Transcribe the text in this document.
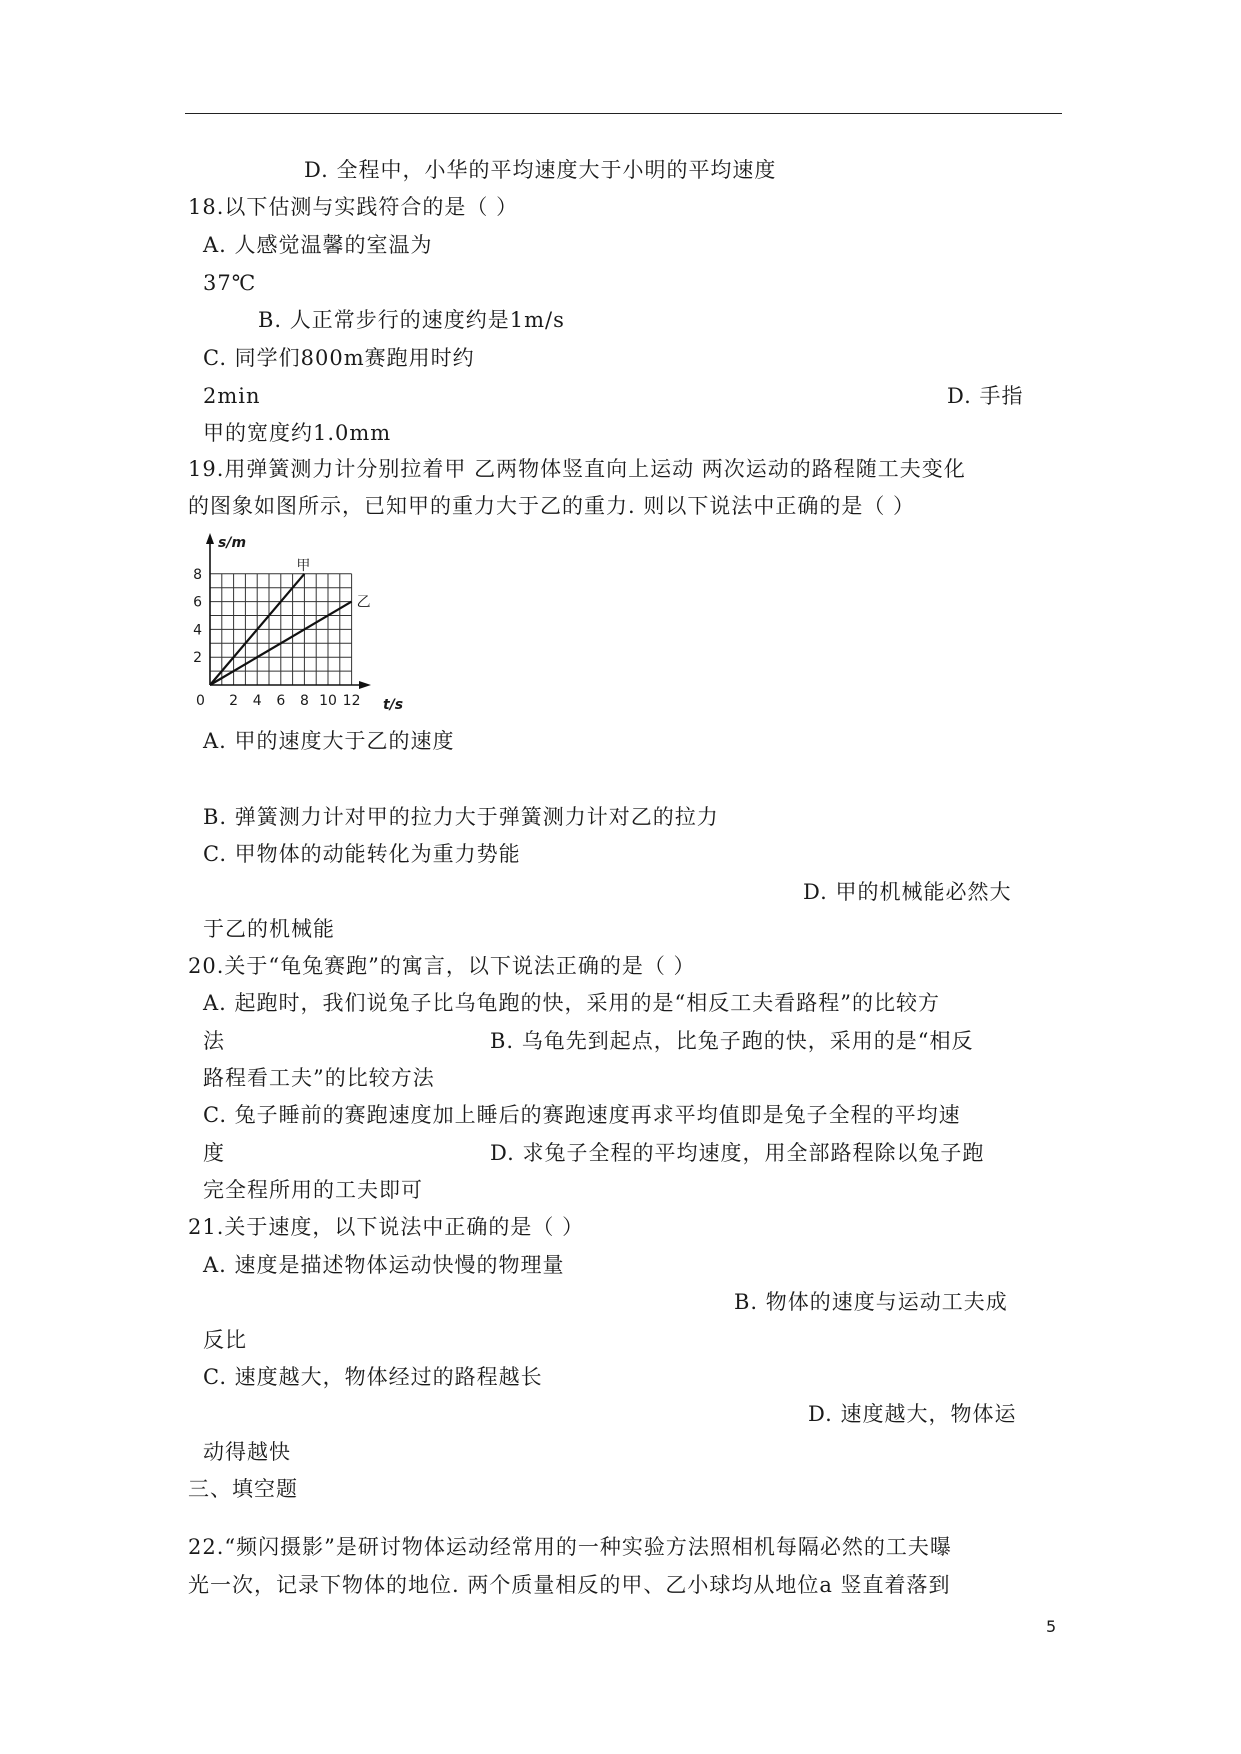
D. 全程中，小华的平均速度大于小明的平均速度
18.以下估测与实践符合的是（ ）
A. 人感觉温馨的室温为
37℃
B. 人正常步行的速度约是1m/s
C. 同学们800m赛跑用时约
2min	D. 手指
甲的宽度约1.0mm
19.用弹簧测力计分别拉着甲 乙两物体竖直向上运动 两次运动的路程随工夫变化
的图象如图所示，已知甲的重力大于乙的重力. 则以下说法中正确的是（ ）
甲
乙
0 2 4 6 8 10 12
2
4
6
8
s/m
t/s
A. 甲的速度大于乙的速度
B. 弹簧测力计对甲的拉力大于弹簧测力计对乙的拉力
C. 甲物体的动能转化为重力势能
D. 甲的机械能必然大
于乙的机械能
20.关于“龟兔赛跑”的寓言，以下说法正确的是（ ）
A. 起跑时，我们说兔子比乌龟跑的快，采用的是“相反工夫看路程”的比较方
法	B. 乌龟先到起点，比兔子跑的快，采用的是“相反
路程看工夫”的比较方法
C. 兔子睡前的赛跑速度加上睡后的赛跑速度再求平均值即是兔子全程的平均速
度	D. 求兔子全程的平均速度，用全部路程除以兔子跑
完全程所用的工夫即可
21.关于速度，以下说法中正确的是（ ）
A. 速度是描述物体运动快慢的物理量
B. 物体的速度与运动工夫成
反比
C. 速度越大，物体经过的路程越长
D. 速度越大，物体运
动得越快
三、填空题
22.“频闪摄影”是研讨物体运动经常用的一种实验方法照相机每隔必然的工夫曝
光一次，记录下物体的地位. 两个质量相反的甲、乙小球均从地位a 竖直着落到
5
